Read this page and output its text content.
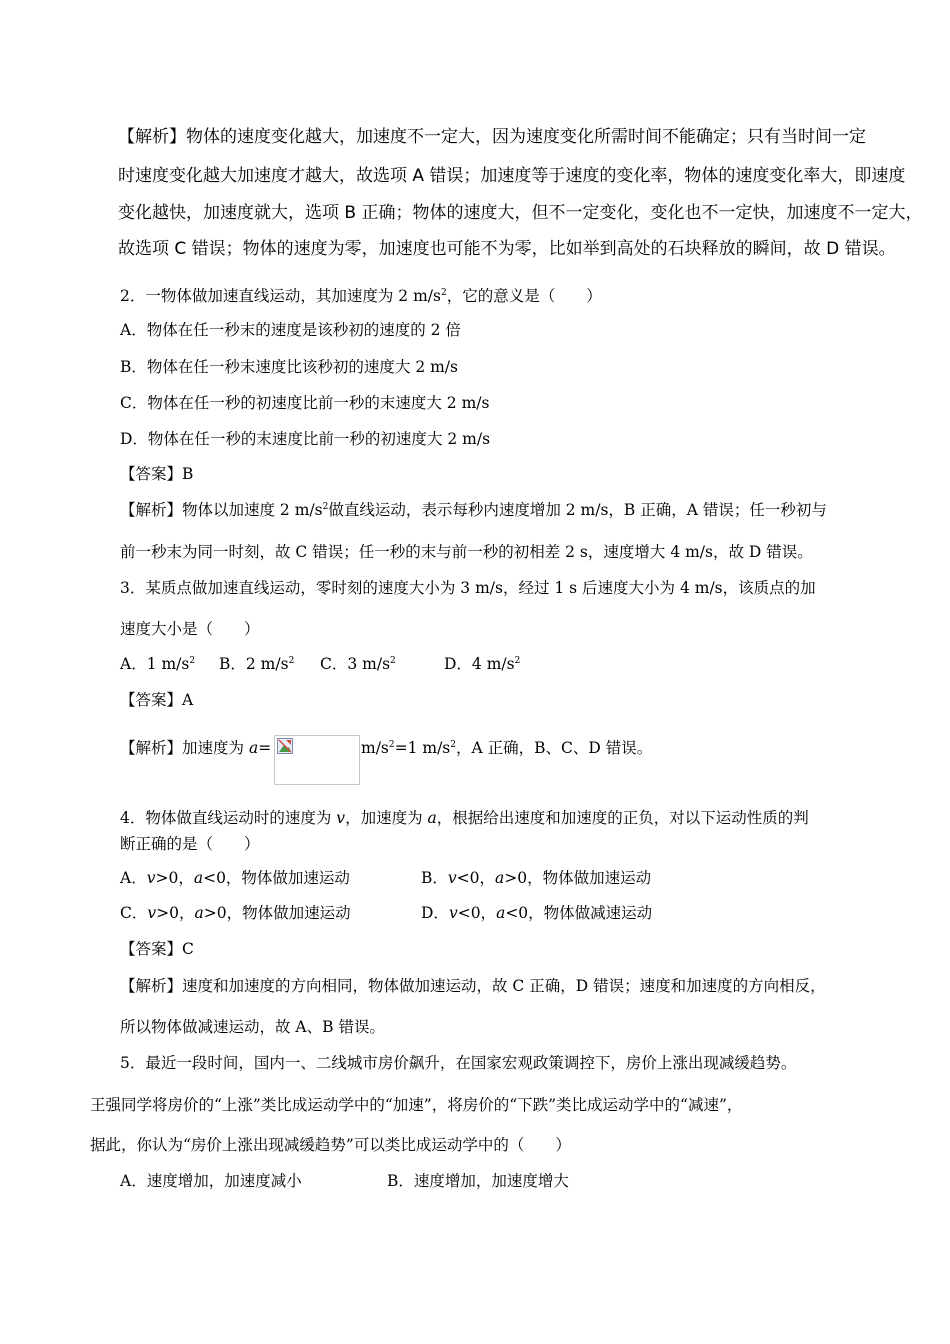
【解析】物体的速度变化越大，加速度不一定大，因为速度变化所需时间不能确定；只有当时间一定
时速度变化越大加速度才越大，故选项 A 错误；加速度等于速度的变化率，物体的速度变化率大，即速度
变化越快，加速度就大，选项 B 正确；物体的速度大，但不一定变化，变化也不一定快，加速度不一定大，
故选项 C 错误；物体的速度为零，加速度也可能不为零，比如举到高处的石块释放的瞬间，故 D 错误。
2．一物体做加速直线运动，其加速度为 2 $m/s^2$，它的意义是（　　）
A．物体在任一秒末的速度是该秒初的速度的 2 倍
B．物体在任一秒末速度比该秒初的速度大 2 m/s
C．物体在任一秒的初速度比前一秒的末速度大 2 m/s
D．物体在任一秒的末速度比前一秒的初速度大 2 m/s
【答案】B
【解析】物体以加速度 2 $m/s^2$做直线运动，表示每秒内速度增加 2 m/s，B 正确，A 错误；任一秒初与
前一秒末为同一时刻，故 C 错误；任一秒的末与前一秒的初相差 2 s，速度增大 4 m/s，故 D 错误。
3．某质点做加速直线运动，零时刻的速度大小为 3 m/s，经过 1 s 后速度大小为 4 m/s，该质点的加
速度大小是（　　）
A．1 $m/s^2$ B．2 $m/s^2$ C．3 $m/s^2$	D．4 $m/s^2$
【答案】A
【解析】加速度为 a=	$m/s^2=1$ $m/s^2$，A 正确，B、C、D 错误。
4．物体做直线运动时的速度为 v，加速度为 a，根据给出速度和加速度的正负，对以下运动性质的判
断正确的是（　　）
A．v>0，a<0，物体做加速运动	B．v<0，a>0，物体做加速运动
C．v>0，a>0，物体做加速运动	D．v<0，a<0，物体做减速运动
【答案】C
【解析】速度和加速度的方向相同，物体做加速运动，故 C 正确，D 错误；速度和加速度的方向相反，
所以物体做减速运动，故 A、B 错误。
5．最近一段时间，国内一、二线城市房价飙升，在国家宏观政策调控下，房价上涨出现减缓趋势。
王强同学将房价的“上涨”类比成运动学中的“加速”，将房价的“下跌”类比成运动学中的“减速”，
据此，你认为“房价上涨出现减缓趋势”可以类比成运动学中的（　　）
A．速度增加，加速度减小	B．速度增加，加速度增大
